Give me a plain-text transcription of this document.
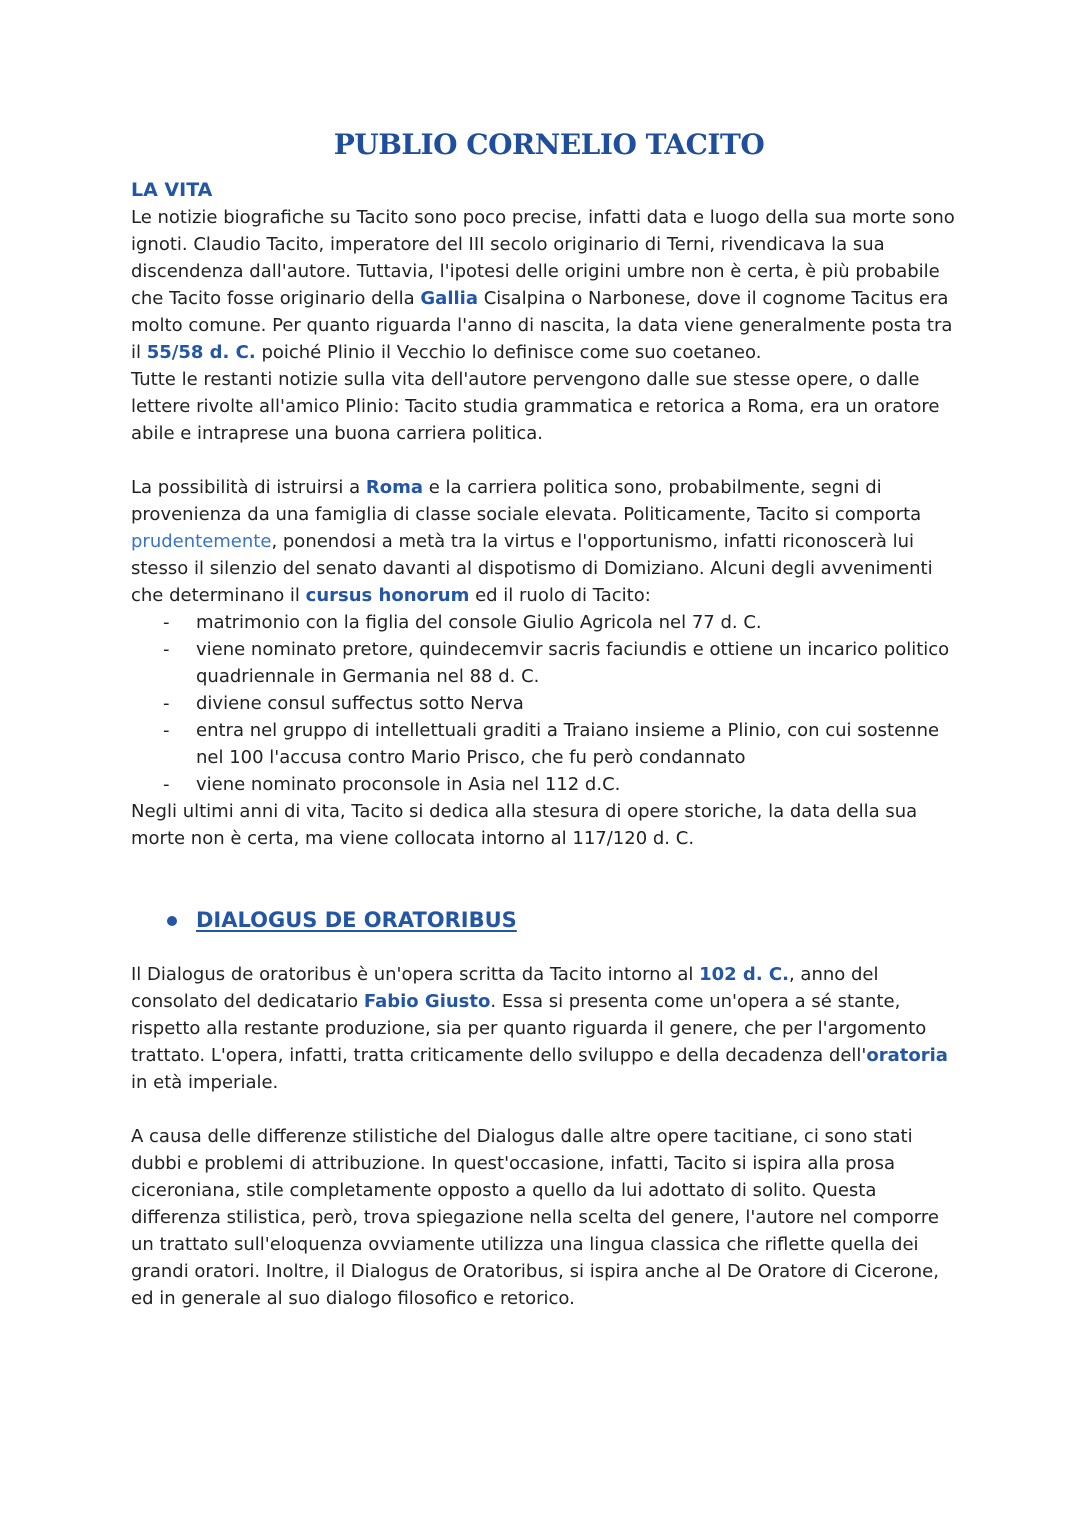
PUBLIO CORNELIO TACITO
LA VITA

Le notizie biografiche su Tacito sono poco precise, infatti data e luogo della sua morte sono ignoti. Claudio Tacito, imperatore del III secolo originario di Terni, rivendicava la sua discendenza dall'autore. Tuttavia, l'ipotesi delle origini umbre non è certa, è più probabile che Tacito fosse originario della Gallia Cisalpina o Narbonese, dove il cognome Tacitus era molto comune. Per quanto riguarda l'anno di nascita, la data viene generalmente posta tra il 55/58 d. C. poiché Plinio il Vecchio lo definisce come suo coetaneo.

Tutte le restanti notizie sulla vita dell'autore pervengono dalle sue stesse opere, o dalle lettere rivolte all'amico Plinio: Tacito studia grammatica e retorica a Roma, era un oratore abile e intraprese una buona carriera politica.

La possibilità di istruirsi a Roma e la carriera politica sono, probabilmente, segni di provenienza da una famiglia di classe sociale elevata. Politicamente, Tacito si comporta prudentemente, ponendosi a metà tra la virtus e l'opportunismo, infatti riconoscerà lui stesso il silenzio del senato davanti al dispotismo di Domiziano. Alcuni degli avvenimenti che determinano il cursus honorum ed il ruolo di Tacito:

- matrimonio con la figlia del console Giulio Agricola nel 77 d. C.
- viene nominato pretore, quindecemvir sacris faciundis e ottiene un incarico politico quadriennale in Germania nel 88 d. C.
- diviene consul suffectus sotto Nerva
- entra nel gruppo di intellettuali graditi a Traiano insieme a Plinio, con cui sostenne nel 100 l'accusa contro Mario Prisco, che fu però condannato
- viene nominato proconsole in Asia nel 112 d.C.

Negli ultimi anni di vita, Tacito si dedica alla stesura di opere storiche, la data della sua morte non è certa, ma viene collocata intorno al 117/120 d. C.

DIALOGUS DE ORATORIBUS

Il Dialogus de oratoribus è un'opera scritta da Tacito intorno al 102 d. C., anno del consolato del dedicatario Fabio Giusto. Essa si presenta come un'opera a sé stante, rispetto alla restante produzione, sia per quanto riguarda il genere, che per l'argomento trattato. L'opera, infatti, tratta criticamente dello sviluppo e della decadenza dell'oratoria in età imperiale.

A causa delle differenze stilistiche del Dialogus dalle altre opere tacitiane, ci sono stati dubbi e problemi di attribuzione. In quest'occasione, infatti, Tacito si ispira alla prosa ciceroniana, stile completamente opposto a quello da lui adottato di solito. Questa differenza stilistica, però, trova spiegazione nella scelta del genere, l'autore nel comporre un trattato sull'eloquenza ovviamente utilizza una lingua classica che riflette quella dei grandi oratori. Inoltre, il Dialogus de Oratoribus, si ispira anche al De Oratore di Cicerone, ed in generale al suo dialogo filosofico e retorico.
